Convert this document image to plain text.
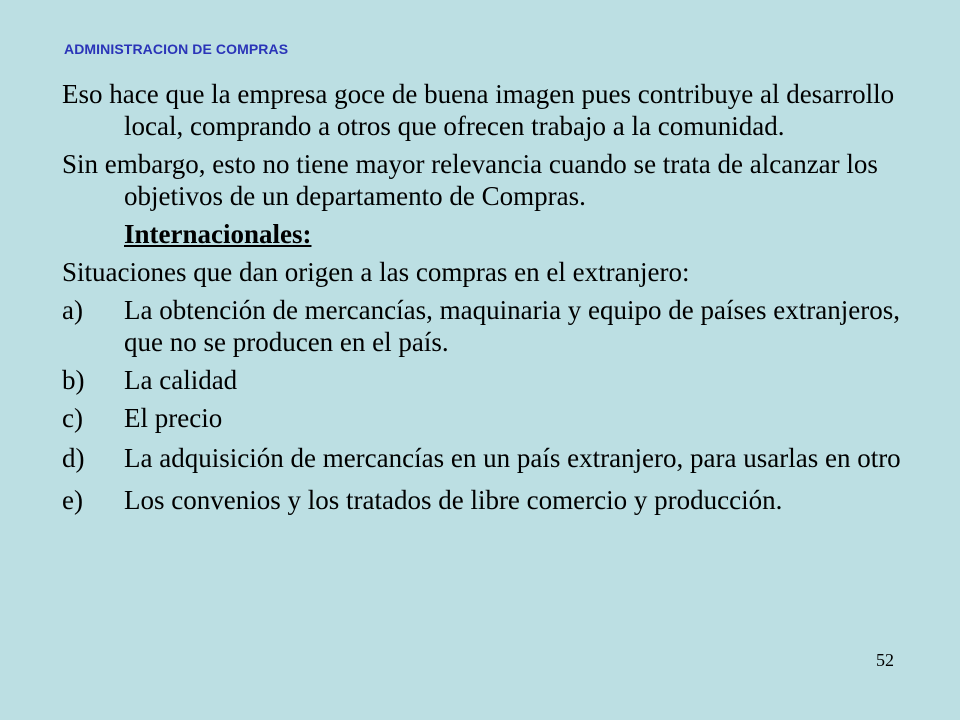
ADMINISTRACION DE COMPRAS
Eso hace que la empresa goce de buena imagen pues contribuye al desarrollo local, comprando a otros que ofrecen trabajo a la comunidad.
Sin embargo, esto no tiene mayor relevancia cuando se trata de alcanzar los objetivos de un departamento de Compras.
Internacionales:
Situaciones que dan origen a las compras en el extranjero:
a) La obtención de mercancías, maquinaria y equipo de países extranjeros, que no se producen en el país.
b) La calidad
c) El precio
d) La adquisición de mercancías en un país extranjero, para usarlas en otro
e) Los convenios y los tratados de libre comercio y producción.
52
